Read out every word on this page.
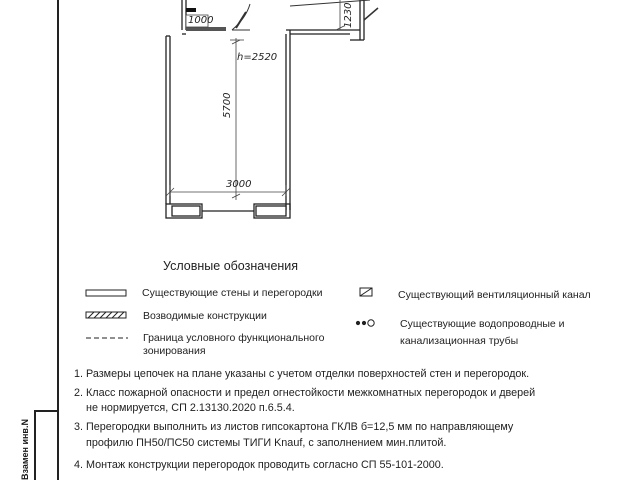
Взамен инв.N
1000	1230
h=2520
5700
3000
Условные обозначения
Существующие стены и перегородки
Возводимые конструкции
Граница условного функционального
зонирования
Существующий вентиляционный канал
Существующие водопроводные и
канализационная трубы
1. Размеры цепочек на плане указаны с учетом отделки поверхностей стен и перегородок.
2. Класс пожарной опасности и предел огнестойкости межкомнатных перегородок и дверей
не нормируется, СП 2.13130.2020 п.6.5.4.
3. Перегородки выполнить из листов гипсокартона ГКЛВ б=12,5 мм по направляющему
профилю ПН50/ПС50 системы ТИГИ Knauf, с заполнением мин.плитой.
4. Монтаж конструкции перегородок проводить согласно СП 55-101-2000.
